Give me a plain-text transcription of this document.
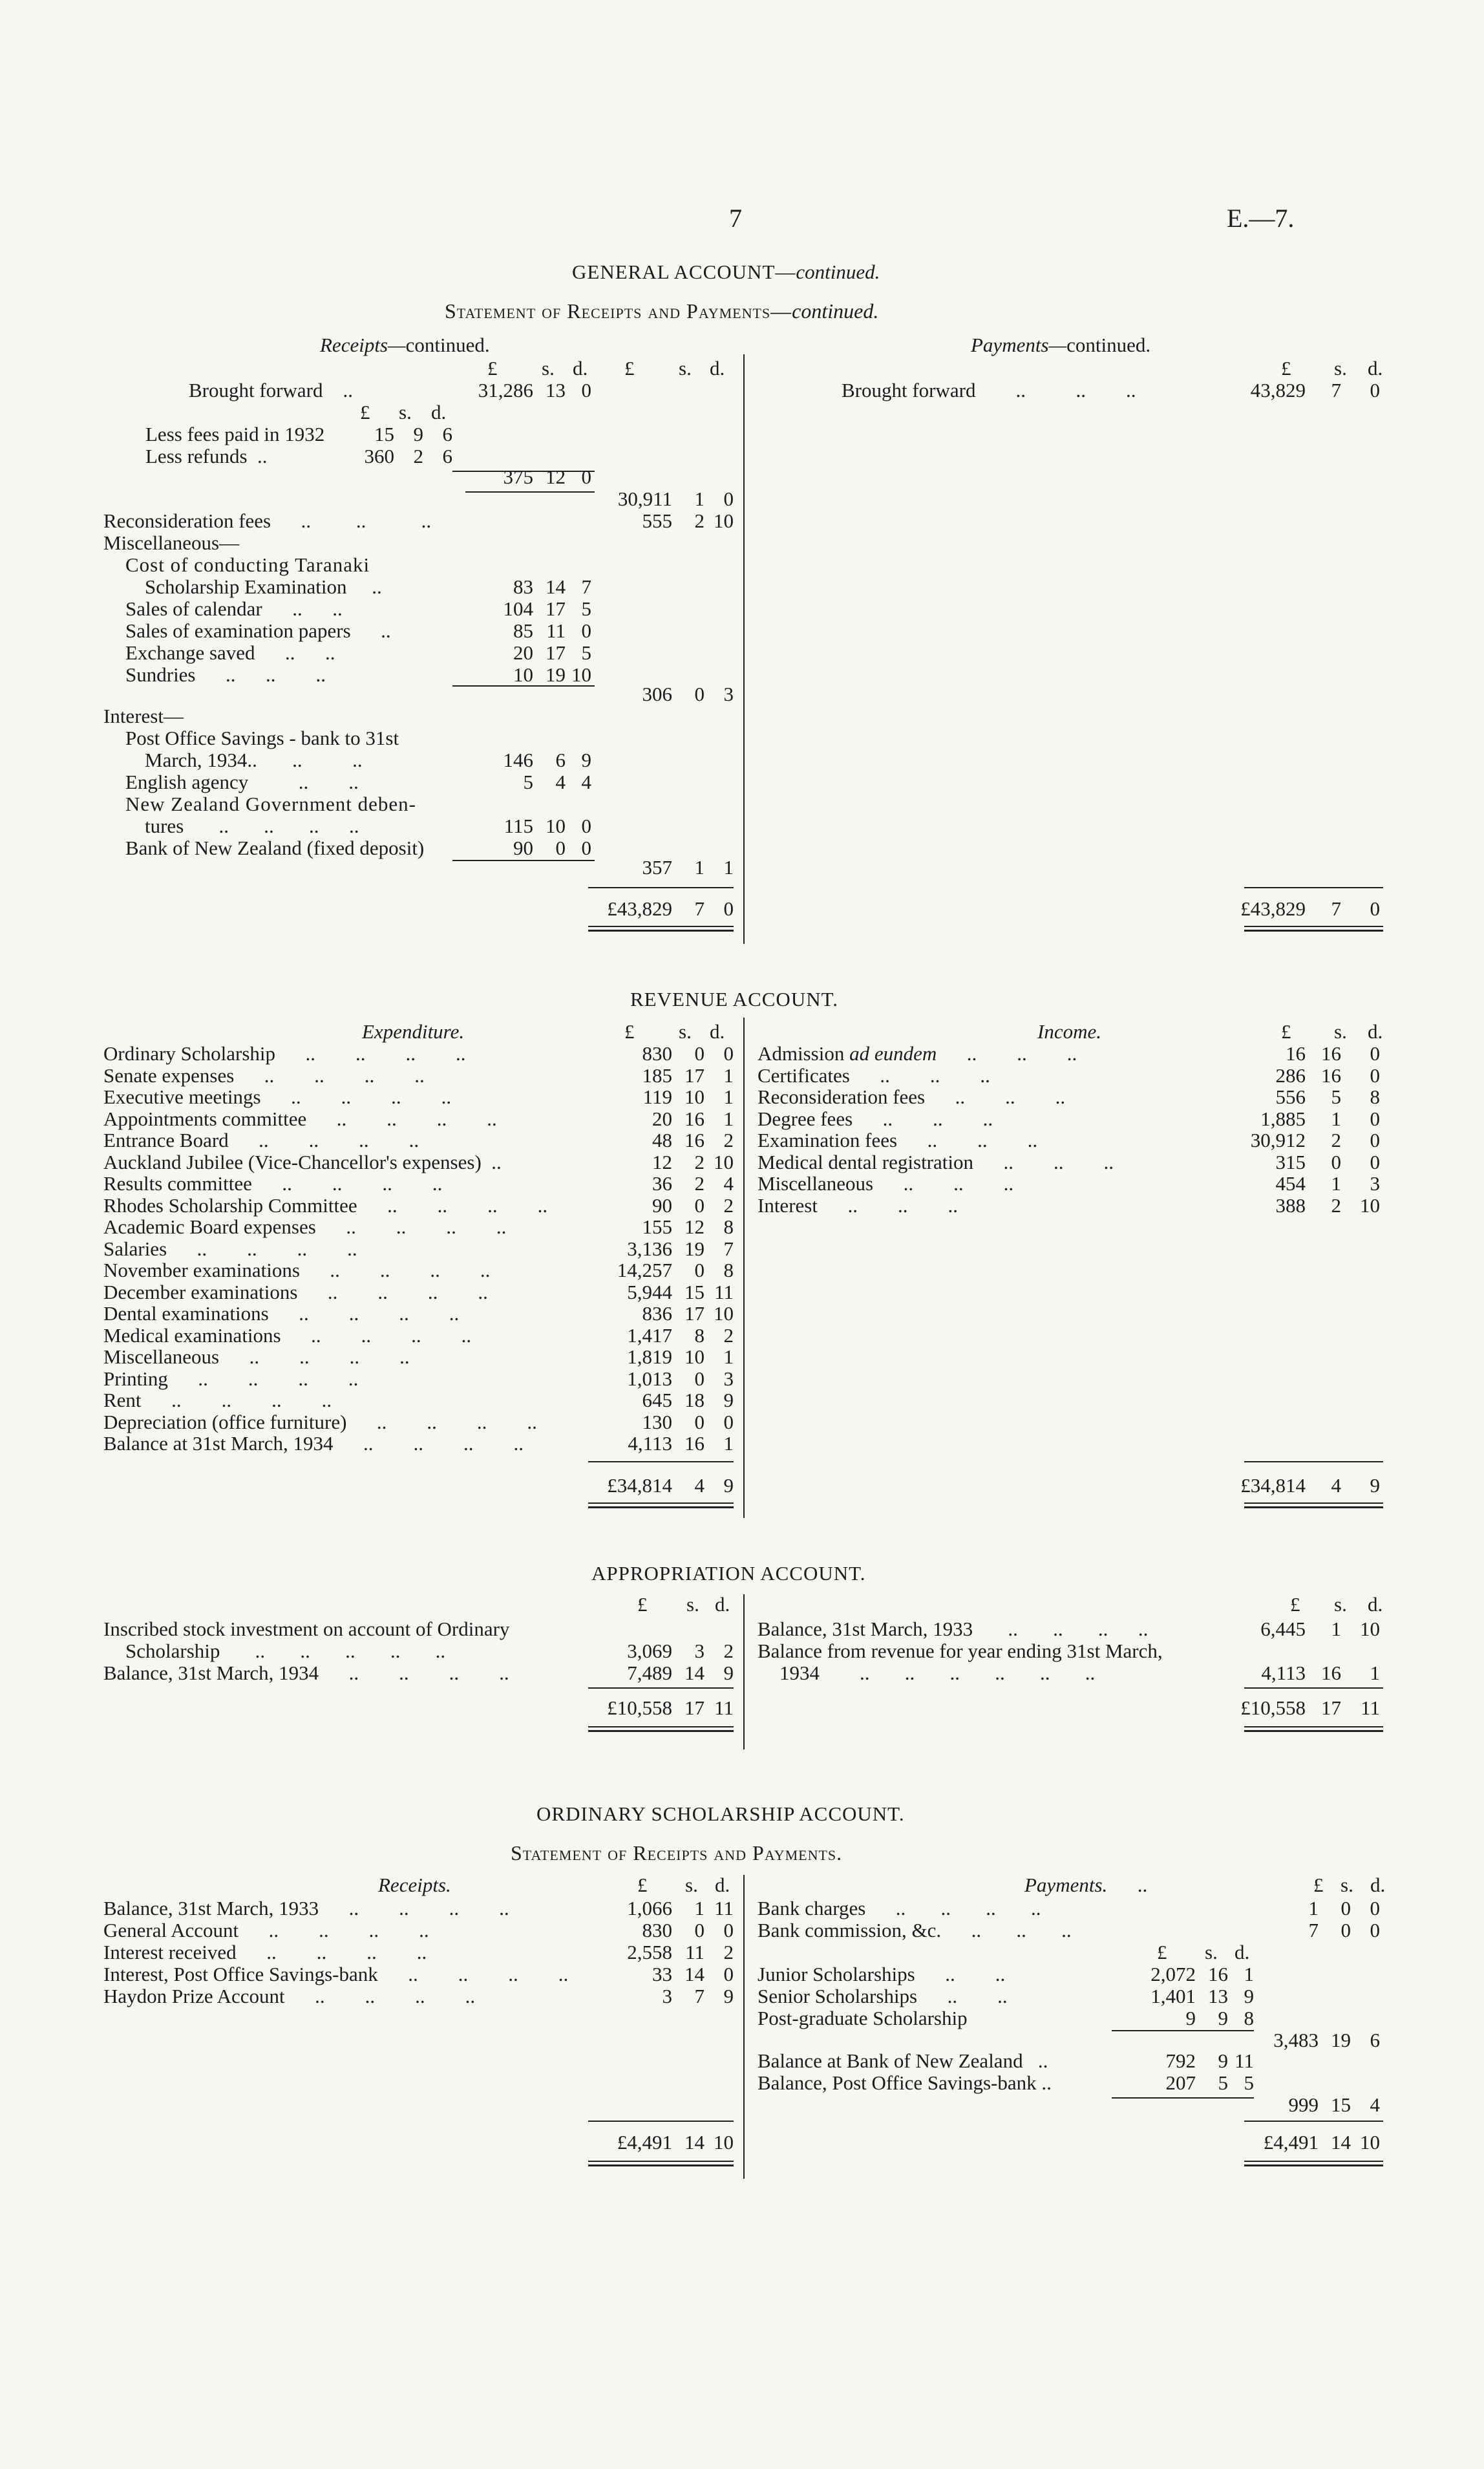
7	E.—7.
GENERAL ACCOUNT—continued.
Statement of Receipts and Payments—continued.
Receipts—continued.	Payments—continued.
£ s. d. £ s. d.	£ s. d.
Brought forward    ..	31,286 13 0
£ s. d.
Less fees paid in 1932	15 9 6
Less refunds  ..	360 2 6
375 12 0
30,911	1 0
Reconsideration fees      ..         ..           ..	555	2 10
Miscellaneous—
Cost of conducting Taranaki
Scholarship Examination     ..	83 14 7
Sales of calendar      ..      ..	104 17 5
Sales of examination papers      ..	85 11 0
Exchange saved      ..      ..	20 17 5
Sundries      ..      ..        ..	10 19 10
306	0 3
Interest—
Post Office Savings - bank to 31st
March, 1934..       ..          ..	146	6 9
English agency          ..        ..	5	4 4
New Zealand Government deben-
tures       ..       ..       ..      ..	115 10 0
Bank of New Zealand (fixed deposit)	90	0 0
357	1 1
£43,829	7 0
Brought forward        ..          ..        ..	43,829	7	0
£43,829	7	0
REVENUE ACCOUNT.
Expenditure.	Income.
£ s. d.	£ s. d.
Ordinary Scholarship      ..        ..        ..        ..	830	0 0
Senate expenses      ..        ..        ..        ..	185 17 1
Executive meetings      ..        ..        ..        ..	119 10 1
Appointments committee      ..        ..        ..        ..	20 16 1
Entrance Board      ..        ..        ..        ..	48 16 2
Auckland Jubilee (Vice-Chancellor's expenses)  ..	12	2 10
Results committee      ..        ..        ..        ..	36	2 4
Rhodes Scholarship Committee      ..        ..        ..        ..	90	0 2
Academic Board expenses      ..        ..        ..        ..	155 12 8
Salaries      ..        ..        ..        ..	3,136 19 7
November examinations      ..        ..        ..        ..	14,257	0 8
December examinations      ..        ..        ..        ..	5,944 15 11
Dental examinations      ..        ..        ..        ..	836 17 10
Medical examinations      ..        ..        ..        ..	1,417	8 2
Miscellaneous      ..        ..        ..        ..	1,819 10 1
Printing      ..        ..        ..        ..	1,013	0 3
Rent      ..        ..        ..        ..	645 18 9
Depreciation (office furniture)      ..        ..        ..        ..	130	0 0
Balance at 31st March, 1934      ..        ..        ..        ..	4,113 16 1
Admission ad eundem      ..        ..        ..	16 16	0
Certificates      ..        ..        ..	286 16	0
Reconsideration fees      ..        ..        ..	556	5	8
Degree fees      ..        ..        ..	1,885	1	0
Examination fees      ..        ..        ..	30,912	2	0
Medical dental registration      ..        ..        ..	315	0	0
Miscellaneous      ..        ..        ..	454	1	3
Interest      ..        ..        ..	388	2 10
£34,814	4 9	£34,814	4	9
APPROPRIATION ACCOUNT.
£ s. d.	£ s. d.
Inscribed stock investment on account of Ordinary
Scholarship       ..       ..       ..       ..       ..	3,069	3 2
Balance, 31st March, 1934      ..        ..        ..        ..	7,489 14 9
Balance, 31st March, 1933       ..       ..       ..      ..	6,445	1 10
Balance from revenue for year ending 31st March,
1934        ..       ..       ..       ..       ..       ..	4,113 16	1
£10,558 17 11	£10,558 17 11
ORDINARY SCHOLARSHIP ACCOUNT.
Statement of Receipts and Payments.
Receipts.	Payments.      ..
£ s. d.	£ s. d.
Balance, 31st March, 1933      ..        ..        ..        ..	1,066	1 11
General Account      ..        ..        ..        ..	830	0 0
Interest received      ..        ..        ..        ..	2,558 11 2
Interest, Post Office Savings-bank      ..        ..        ..        ..	33 14 0
Haydon Prize Account      ..        ..        ..        ..	3	7 9
Bank charges      ..       ..       ..       ..	1	0 0
Bank commission, &c.      ..       ..       ..	7	0 0
£ s. d.
Junior Scholarships      ..        ..	2,072 16 1
Senior Scholarships      ..        ..	1,401 13 9
Post-graduate Scholarship	9	9 8
3,483 19 6
Balance at Bank of New Zealand   ..	792	9 11
Balance, Post Office Savings-bank ..	207	5 5
999 15 4
£4,491 14 10	£4,491 14 10
